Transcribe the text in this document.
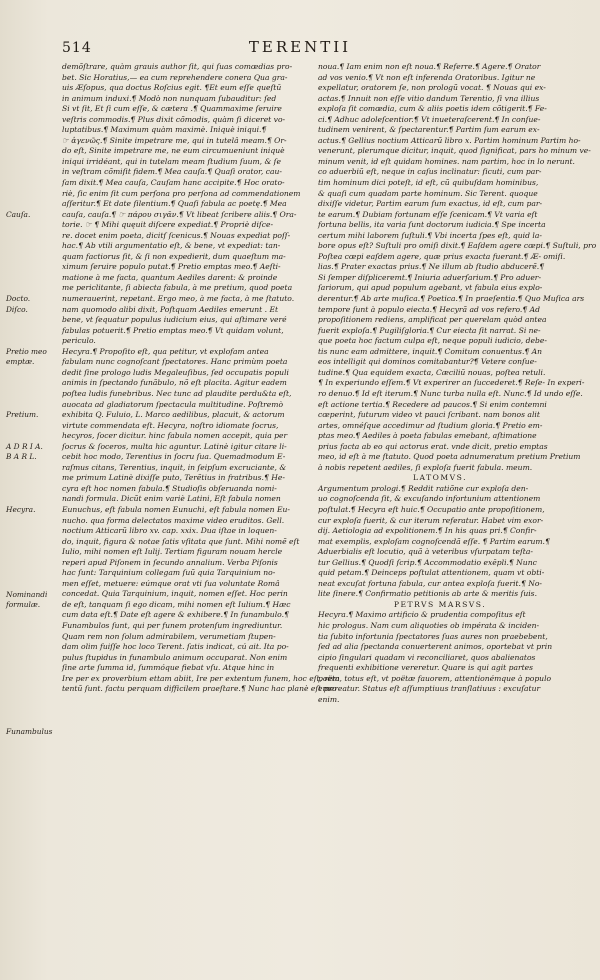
514	TERENTII
demõſtrare, quàm grauis author ſit, qui ſuas comœdias pro-
bet. Sic Horatius,— ea cum reprehendere conera Qua gra-
uis Æſopus, qua doctus Roſcius egit. ¶Et eum eſſe queſtū
in animum induxi.¶ Modò non nunquam ſubauditur: ſed
Si vt ſit, Et ſi cum eſſe, & cætera .¶ Quammaxime ſeruire
veſtris commodis.¶ Plus dixit cõmodis, quàm ſi diceret vo-
luptatibus.¶ Maximum quàm maximè. Iniquè iniqui.¶
☞ ἀγενῶς.¶ Sinite impetrare me, qui in tutelâ meam.¶ Or-
do eſt, Sinite impetrare me, ne eum circumueniunt iniquè
iniqui irridéant, qui in tutelam meam ſtudium ſuum, & ſe
in veſtram cõmiſit fidem.¶ Mea cauſa.¶ Quaſi orator, cau-
ſam dixit.¶ Mea cauſa, Cauſam hanc accipite.¶ Hoc orato-
riè, ſic enim ſit cum perſona pro perſona ad commendationem
aſſeritur.¶ Et date ſilentium.¶ Quaſi fabula ac poetę.¶ Mea
cauſa, cauſa.¶ ☞ πάρου σιγᾶν.¶ Vt libeat ſcribere aliis.¶ Ora-
torie. ☞ ¶ Mihi quęuit diſcere expediat.¶ Propriè diſce-
re. docet enim poeta, dicitſ ſcenicus.¶ Nouas expediat poſſ-
hac.¶ Ab vtili argumentatio eſt, & bene, vt expediat: tan-
quam factiorus ſit, & ſi non expedierit, dum quaeſtum ma-
ximum ſeruire populo putat.¶ Pretio emptas meo.¶ Aeſti-
matione à me facta, quantum Aediles darent: & proinde
me periclitante, ſi abiecta fabula, à me pretium, quod poeta
numerauerint, repetant. Ergo meo, à me facta, à me ſtatuto.
nam quomodo alibi dixit, Poſtquam Aediles emerunt . Et
bene, vt ſequatur populus iudicium eius, qui aſtimare veré
fabulas potuerit.¶ Pretio emptas meo.¶ Vt quidam volunt,
periculo.
Hecyra.¶ Propoſito eſt, qua petitur, vt explofam antea
fabulam nunc cognoſcant ſpectatores. Hanc primùm poeta
dedit ſine prologo ludis Megaleuſibus, ſed occupatis populi
animis in ſpectando funãbulo, nõ eſt placita. Agitur eadem
poſtea ludis funebribus. Nec tunc ad plaudite perdu&ta eſt,
auocata ad gladiatorum ſpectacula multitudine. Poſtremò
exhibita Q. Fuluio, L. Marco aedilibus, placuit, & actorum
virtute commendata eſt. Hecyra, noſtro idiomate ſocrus,
hecyros, ſocer dicitur. hinc fabula nomen accepit, quia per
ſocrus & ſoceros, multa hic aguntur. Latinè igitur citare li-
cebit hoc modo, Terentius in ſocru ſua. Quemadmodum E-
raſmus citans, Terentius, inquit, in ſeipſum excruciante, &
me primum Latinè dixiſſe puto, Terẽtius in fratribus.¶ He-
cyra eſt hoc nomen fabula.¶ Studioſis obſeruanda nomi-
nandi formula. Dicũt enim variè Latini, Eſt fabula nomen
Eunuchus, eſt fabula nomen Eunuchi, eſt fabula nomen Eu-
nucho. qua forma delectatos maxime video eruditos. Gell.
noctium Atticarũ libro xv. cap. xxix. Dua iſtae in loquen-
do, inquit, figura & notae ſatis vſitata que ſunt. Mihi nomẽ eſt
Iulio, mihi nomen eſt Iulij. Tertiam figuram nouam hercle
reperi apud Piſonem in ſecundo annalium. Verba Piſonis
hac ſunt: Tarquinium collegam ſuũ quia Tarquinium no-
men eſſet, metuere: eúmque orat vti ſua voluntate Româ
concedat. Quia Tarquinium, inquit, nomen eſſet. Hoc perin
de eſt, tanquam ſi ego dicam, mihi nomen eſt Iulium.¶ Hæc
cum data eſt.¶ Date eſt agere & exhibere.¶ In funambulo.¶
Funambulos ſunt, qui per funem protenſum ingrediuntur.
Quam rem non ſolum admirabilem, verumetiam ſtupen-
dam olim fuiſſe hoc loco Terent. ſatis indicat, cú ait. Ita po-
pulus ſtupidus in funambulo animum occuparat. Non enim
ſine arte ſumma id, ſummóque fiebat vſu. Atque hinc in
Ire per ex proverbium ettam abiit, Ire per extentum funem, hoc eſt, rem
tentũ ſunt. factu perquam difficilem praeſtare.¶ Nunc hac planè eſt pro
noua.¶ Iam enim non eſt noua.¶ Referre.¶ Agere.¶ Orator
ad vos venio.¶ Vt non eſt inferenda Oratoribus. Igitur ne
expellatur, oratorem ſe, non prologũ vocat. ¶ Nouas qui ex-
actas.¶ Innuit non eſſe vitio dandum Terentio, ſi vna illius
exploſa ſit comœdia, cum & aliis poetis idem cõtigerit.¶ Fe-
ci.¶ Adhuc adoleſcentior.¶ Vt inueteraſcerent.¶ In conſue-
tudinem venirent, & ſpectarentur.¶ Partim ſum earum ex-
actus.¶ Gellius noctium Atticarũ libro x. Partim hominum Partim ho-
venerunt, plerumque dicitur, inquit, quod ſignificat, pars ho minum ve-
minum venit, id eſt quidam homines. nam partim, hoc in lo nerunt.
co aduerbiũ eſt, neque in caſus inclinatur: ſicuti, cum par-
tim hominum dici poteſt, id eſt, cũ quibuſdam hominibus,
& quaſi cum quadam parte hominum. Sic Terent. quoque
dixiſſe videtur, Partim earum ſum exactus, id eſt, cum par-
te earum.¶ Dubiam fortunam eſſe ſcenicam.¶ Vt varia eſt
fortuna bellis, ita varia ſunt doctorum iudicia.¶ Spe incerta
certum mihi laborem ſuſtuli.¶ Vbi incerta ſpes eſt, quid la-
bore opus eſt? Suſtuli pro omiſi dixit.¶ Eaſdem agere cœpi.¶ Suſtuli, pro
Poſtea cœpi eaſdem agere, quæ prius exacta fuerant.¶ Æ- omiſi.
lias.¶ Prater exactas prius.¶ Ne illum ab ſtudio abducerẽ.¶
Si ſemper diſpliceremt.¶ Iniuria aduerſarium.¶ Pro aduer-
ſariorum, qui apud populum agebant, vt fabula eius explo-
derentur.¶ Ab arte muſica.¶ Poetica.¶ In praeſentia.¶ Quo Muſica ars
tempore ſunt à populo eiecta.¶ Hecyrã ad vos refero.¶ Ad
propoſitionem rediens, amplificat per querelam quòd antea
fuerit exploſa.¶ Pugiliſgloria.¶ Cur eiecta ſit narrat. Si ne-
que poeta hoc factum culpa eſt, neque populi iudicio, debe-
tis nunc eam admittere, inquit.¶ Comitum conuentus.¶ An
eos intelligit qui dominos comitabantur?¶ Vetere conſue-
tudine.¶ Qua equidem exacta, Cæciliũ nouas, poſtea retuli.
¶ In experiundo eſſem.¶ Vt experirer an ſuccederet.¶ Reſe- In experi-
ro denuo.¶ Id eſt iterum.¶ Nunc turba nulla eſt. Nunc.¶ Id undo eſſe.
eſt actione tertia.¶ Recedere ad paucos.¶ Si enim contemni
cœperint, futurum video vt pauci ſcribant. nam bonos alit
artes, omnéſque accedimur ad ſtudium gloria.¶ Pretio em-
ptas meo.¶ Aediles à poeta fabulas emebant, aſtimatione
prius facta ab eo qui actorus erat. vnde dicit, pretio emptas
meo, id eſt à me ſtatuto. Quod poeta adnumeratum pretium Pretium
à nobis repetent aediles, ſi exploſa fuerit fabula. meum.
LATOMVS.
Argumentum prologi.¶ Reddit ratiõne cur exploſa den-
uo cognoſcenda ſit, & excuſando infortunium attentionem
poſtulat.¶ Hecyra eſt huic.¶ Occupatio ante propoſitionem,
cur exploſa fuerit, & cur iterum referatur. Habet vim exor-
dij. Aetiologia ad expolitionem.¶ In his quas pri.¶ Confir-
mat exemplis, exploſam cognoſcendã eſſe. ¶ Partim earum.¶
Aduerbialis eſt locutio, quã à veteribus vſurpatam teſta-
tur Gellius.¶ Quodſi ſcrip.¶ Accommodatio exēpli.¶ Nunc
quid petam.¶ Deinceps poſtulat attentionem, quam vt obti-
neat excuſat fortuna fabula, cur antea exploſa fuerit.¶ No-
lite ſinere.¶ Confirmatio petitionis ab arte & meritis ſuis.
PETRVS MARSVS.
Hecyra.¶ Maximo artificio & prudentia compoſitus eſt
hic prologus. Nam cum aliquoties ob impérata & inciden-
tia ſubito infortunia ſpectatores ſuas aures non praebebent,
ſed ad alia ſpectanda conuerterent animos, oportebat vt prin
cipio ſingulari quadam vi reconciliaret, quos abalienatos
frequenti exhibitione vereretur. Quare is qui agit partes
poëta, totus eſt, vt poëtæ fauorem, attentionémque à populo
emereatur. Status eſt aſſumptiuus tranſlatiuus : excuſatur
enim.
Cauſa.
Docto.
Diſco.
Pretio meo
emptæ.
Pretium.
A D R I A.
B A R L.
Hecyra.
Nominandi
formulæ.
Funambulus
